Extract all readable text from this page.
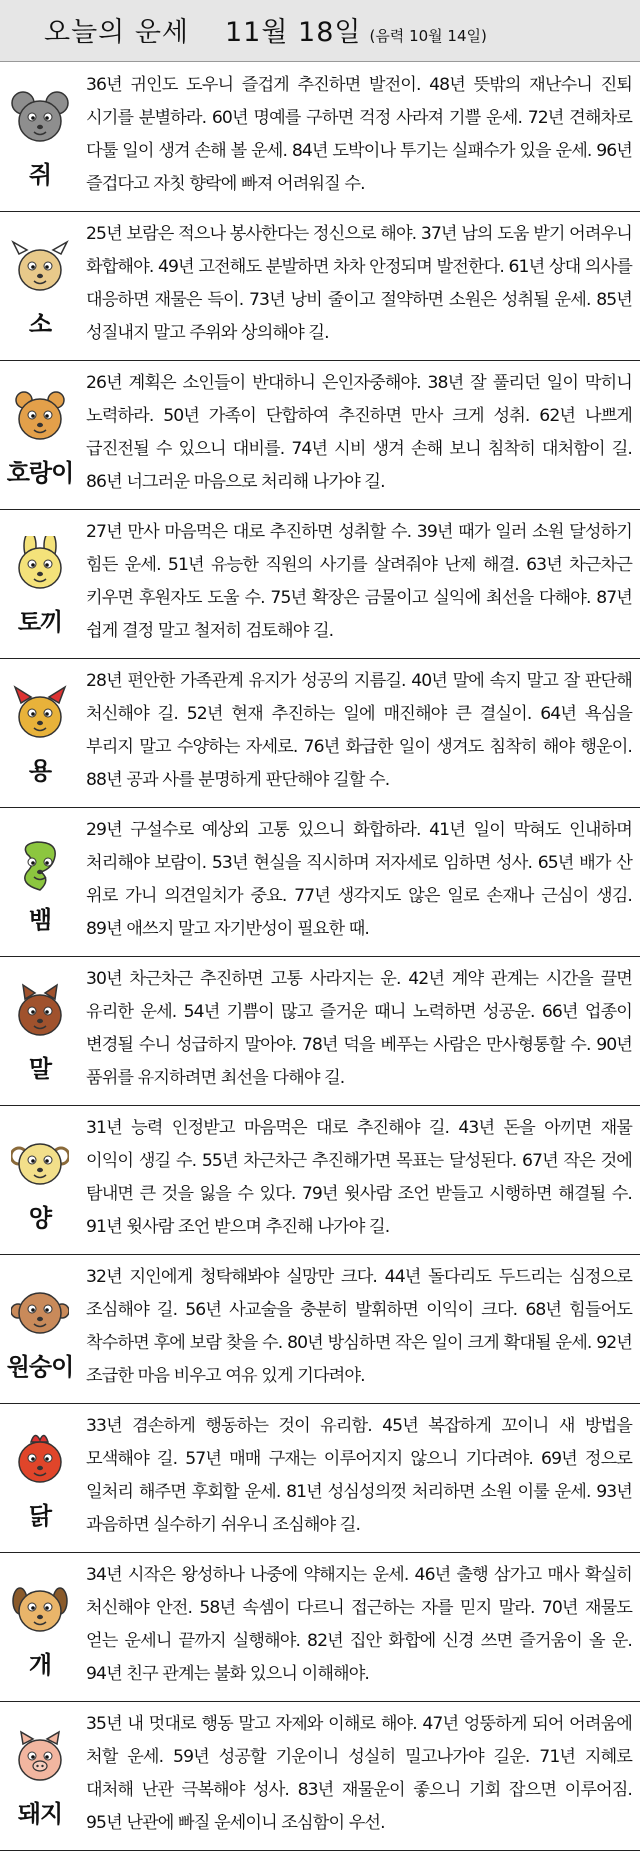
오늘의 운세 11월 18일 (음력 10월 14일)
쥐
36년 귀인도 도우니 즐겁게 추진하면 발전이. 48년 뜻밖의 재난수니 진퇴 시기를 분별하라. 60년 명예를 구하면 걱정 사라져 기쁠 운세. 72년 견해차로 다툴 일이 생겨 손해 볼 운세. 84년 도박이나 투기는 실패수가 있을 운세. 96년 즐겁다고 자칫 향락에 빠져 어려워질 수.
소
25년 보람은 적으나 봉사한다는 정신으로 해야. 37년 남의 도움 받기 어려우니 화합해야. 49년 고전해도 분발하면 차차 안정되며 발전한다. 61년 상대 의사를 대응하면 재물은 득이. 73년 낭비 줄이고 절약하면 소원은 성취될 운세. 85년 성질내지 말고 주위와 상의해야 길.
호랑이
26년 계획은 소인들이 반대하니 은인자중해야. 38년 잘 풀리던 일이 막히니 노력하라. 50년 가족이 단합하여 추진하면 만사 크게 성취. 62년 나쁘게 급진전될 수 있으니 대비를. 74년 시비 생겨 손해 보니 침착히 대처함이 길. 86년 너그러운 마음으로 처리해 나가야 길.
토끼
27년 만사 마음먹은 대로 추진하면 성취할 수. 39년 때가 일러 소원 달성하기 힘든 운세. 51년 유능한 직원의 사기를 살려줘야 난제 해결. 63년 차근차근 키우면 후원자도 도울 수. 75년 확장은 금물이고 실익에 최선을 다해야. 87년 쉽게 결정 말고 철저히 검토해야 길.
용
28년 편안한 가족관계 유지가 성공의 지름길. 40년 말에 속지 말고 잘 판단해 처신해야 길. 52년 현재 추진하는 일에 매진해야 큰 결실이. 64년 욕심을 부리지 말고 수양하는 자세로. 76년 화급한 일이 생겨도 침착히 해야 행운이. 88년 공과 사를 분명하게 판단해야 길할 수.
뱀
29년 구설수로 예상외 고통 있으니 화합하라. 41년 일이 막혀도 인내하며 처리해야 보람이. 53년 현실을 직시하며 저자세로 임하면 성사. 65년 배가 산 위로 가니 의견일치가 중요. 77년 생각지도 않은 일로 손재나 근심이 생김. 89년 애쓰지 말고 자기반성이 필요한 때.
말
30년 차근차근 추진하면 고통 사라지는 운. 42년 계약 관계는 시간을 끌면 유리한 운세. 54년 기쁨이 많고 즐거운 때니 노력하면 성공운. 66년 업종이 변경될 수니 성급하지 말아야. 78년 덕을 베푸는 사람은 만사형통할 수. 90년 품위를 유지하려면 최선을 다해야 길.
양
31년 능력 인정받고 마음먹은 대로 추진해야 길. 43년 돈을 아끼면 재물 이익이 생길 수. 55년 차근차근 추진해가면 목표는 달성된다. 67년 작은 것에 탐내면 큰 것을 잃을 수 있다. 79년 윗사람 조언 받들고 시행하면 해결될 수. 91년 윗사람 조언 받으며 추진해 나가야 길.
원숭이
32년 지인에게 청탁해봐야 실망만 크다. 44년 돌다리도 두드리는 심정으로 조심해야 길. 56년 사교술을 충분히 발휘하면 이익이 크다. 68년 힘들어도 착수하면 후에 보람 찾을 수. 80년 방심하면 작은 일이 크게 확대될 운세. 92년 조급한 마음 비우고 여유 있게 기다려야.
닭
33년 겸손하게 행동하는 것이 유리함. 45년 복잡하게 꼬이니 새 방법을 모색해야 길. 57년 매매 구재는 이루어지지 않으니 기다려야. 69년 정으로 일처리 해주면 후회할 운세. 81년 성심성의껏 처리하면 소원 이룰 운세. 93년 과음하면 실수하기 쉬우니 조심해야 길.
개
34년 시작은 왕성하나 나중에 약해지는 운세. 46년 출행 삼가고 매사 확실히 처신해야 안전. 58년 속셈이 다르니 접근하는 자를 믿지 말라. 70년 재물도 얻는 운세니 끝까지 실행해야. 82년 집안 화합에 신경 쓰면 즐거움이 올 운. 94년 친구 관계는 불화 있으니 이해해야.
돼지
35년 내 멋대로 행동 말고 자제와 이해로 해야. 47년 엉뚱하게 되어 어려움에 처할 운세. 59년 성공할 기운이니 성실히 밀고나가야 길운. 71년 지혜로 대처해 난관 극복해야 성사. 83년 재물운이 좋으니 기회 잡으면 이루어짐. 95년 난관에 빠질 운세이니 조심함이 우선.
